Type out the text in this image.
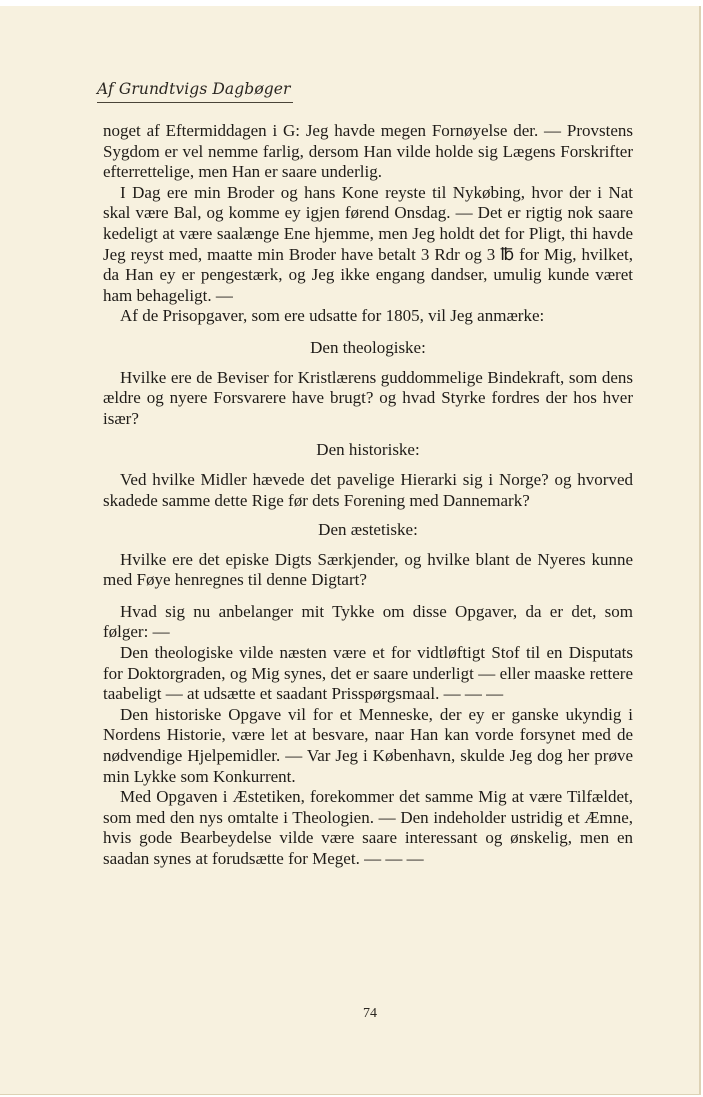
Af Grundtvigs Dagbøger

noget af Eftermiddagen i G: Jeg havde megen Fornøyelse der. — Provstens Sygdom er vel nemme farlig, dersom Han vilde holde sig Lægens Forskrifter efterrettelige, men Han er saare underlig.

I Dag ere min Broder og hans Kone reyste til Nykøbing, hvor der i Nat skal være Bal, og komme ey igjen førend Onsdag. — Det er rigtig nok saare kedeligt at være saalænge Ene hjemme, men Jeg holdt det for Pligt, thi havde Jeg reyst med, maatte min Broder have betalt 3 Rdr og 3 ℔ for Mig, hvilket, da Han ey er pengestærk, og Jeg ikke engang dandser, umulig kunde været ham behageligt. —

Af de Prisopgaver, som ere udsatte for 1805, vil Jeg anmærke:

Den theologiske:

Hvilke ere de Beviser for Kristlærens guddommelige Bindekraft, som dens ældre og nyere Forsvarere have brugt? og hvad Styrke fordres der hos hver især?

Den historiske:

Ved hvilke Midler hævede det pavelige Hierarki sig i Norge? og hvorved skadede samme dette Rige før dets Forening med Dannemark?

Den æstetiske:

Hvilke ere det episke Digts Særkjender, og hvilke blant de Nyeres kunne med Føye henregnes til denne Digtart?

Hvad sig nu anbelanger mit Tykke om disse Opgaver, da er det, som følger: —

Den theologiske vilde næsten være et for vidtløftigt Stof til en Disputats for Doktorgraden, og Mig synes, det er saare underligt — eller maaske rettere taabeligt — at udsætte et saadant Prisspørgsmaal. — — —

Den historiske Opgave vil for et Menneske, der ey er ganske ukyndig i Nordens Historie, være let at besvare, naar Han kan vorde forsynet med de nødvendige Hjelpemidler. — Var Jeg i København, skulde Jeg dog her prøve min Lykke som Konkurrent.

Med Opgaven i Æstetiken, forekommer det samme Mig at være Tilfældet, som med den nys omtalte i Theologien. — Den indeholder ustridig et Æmne, hvis gode Bearbeydelse vilde være saare interessant og ønskelig, men en saadan synes at forudsætte for Meget. — — —

74
